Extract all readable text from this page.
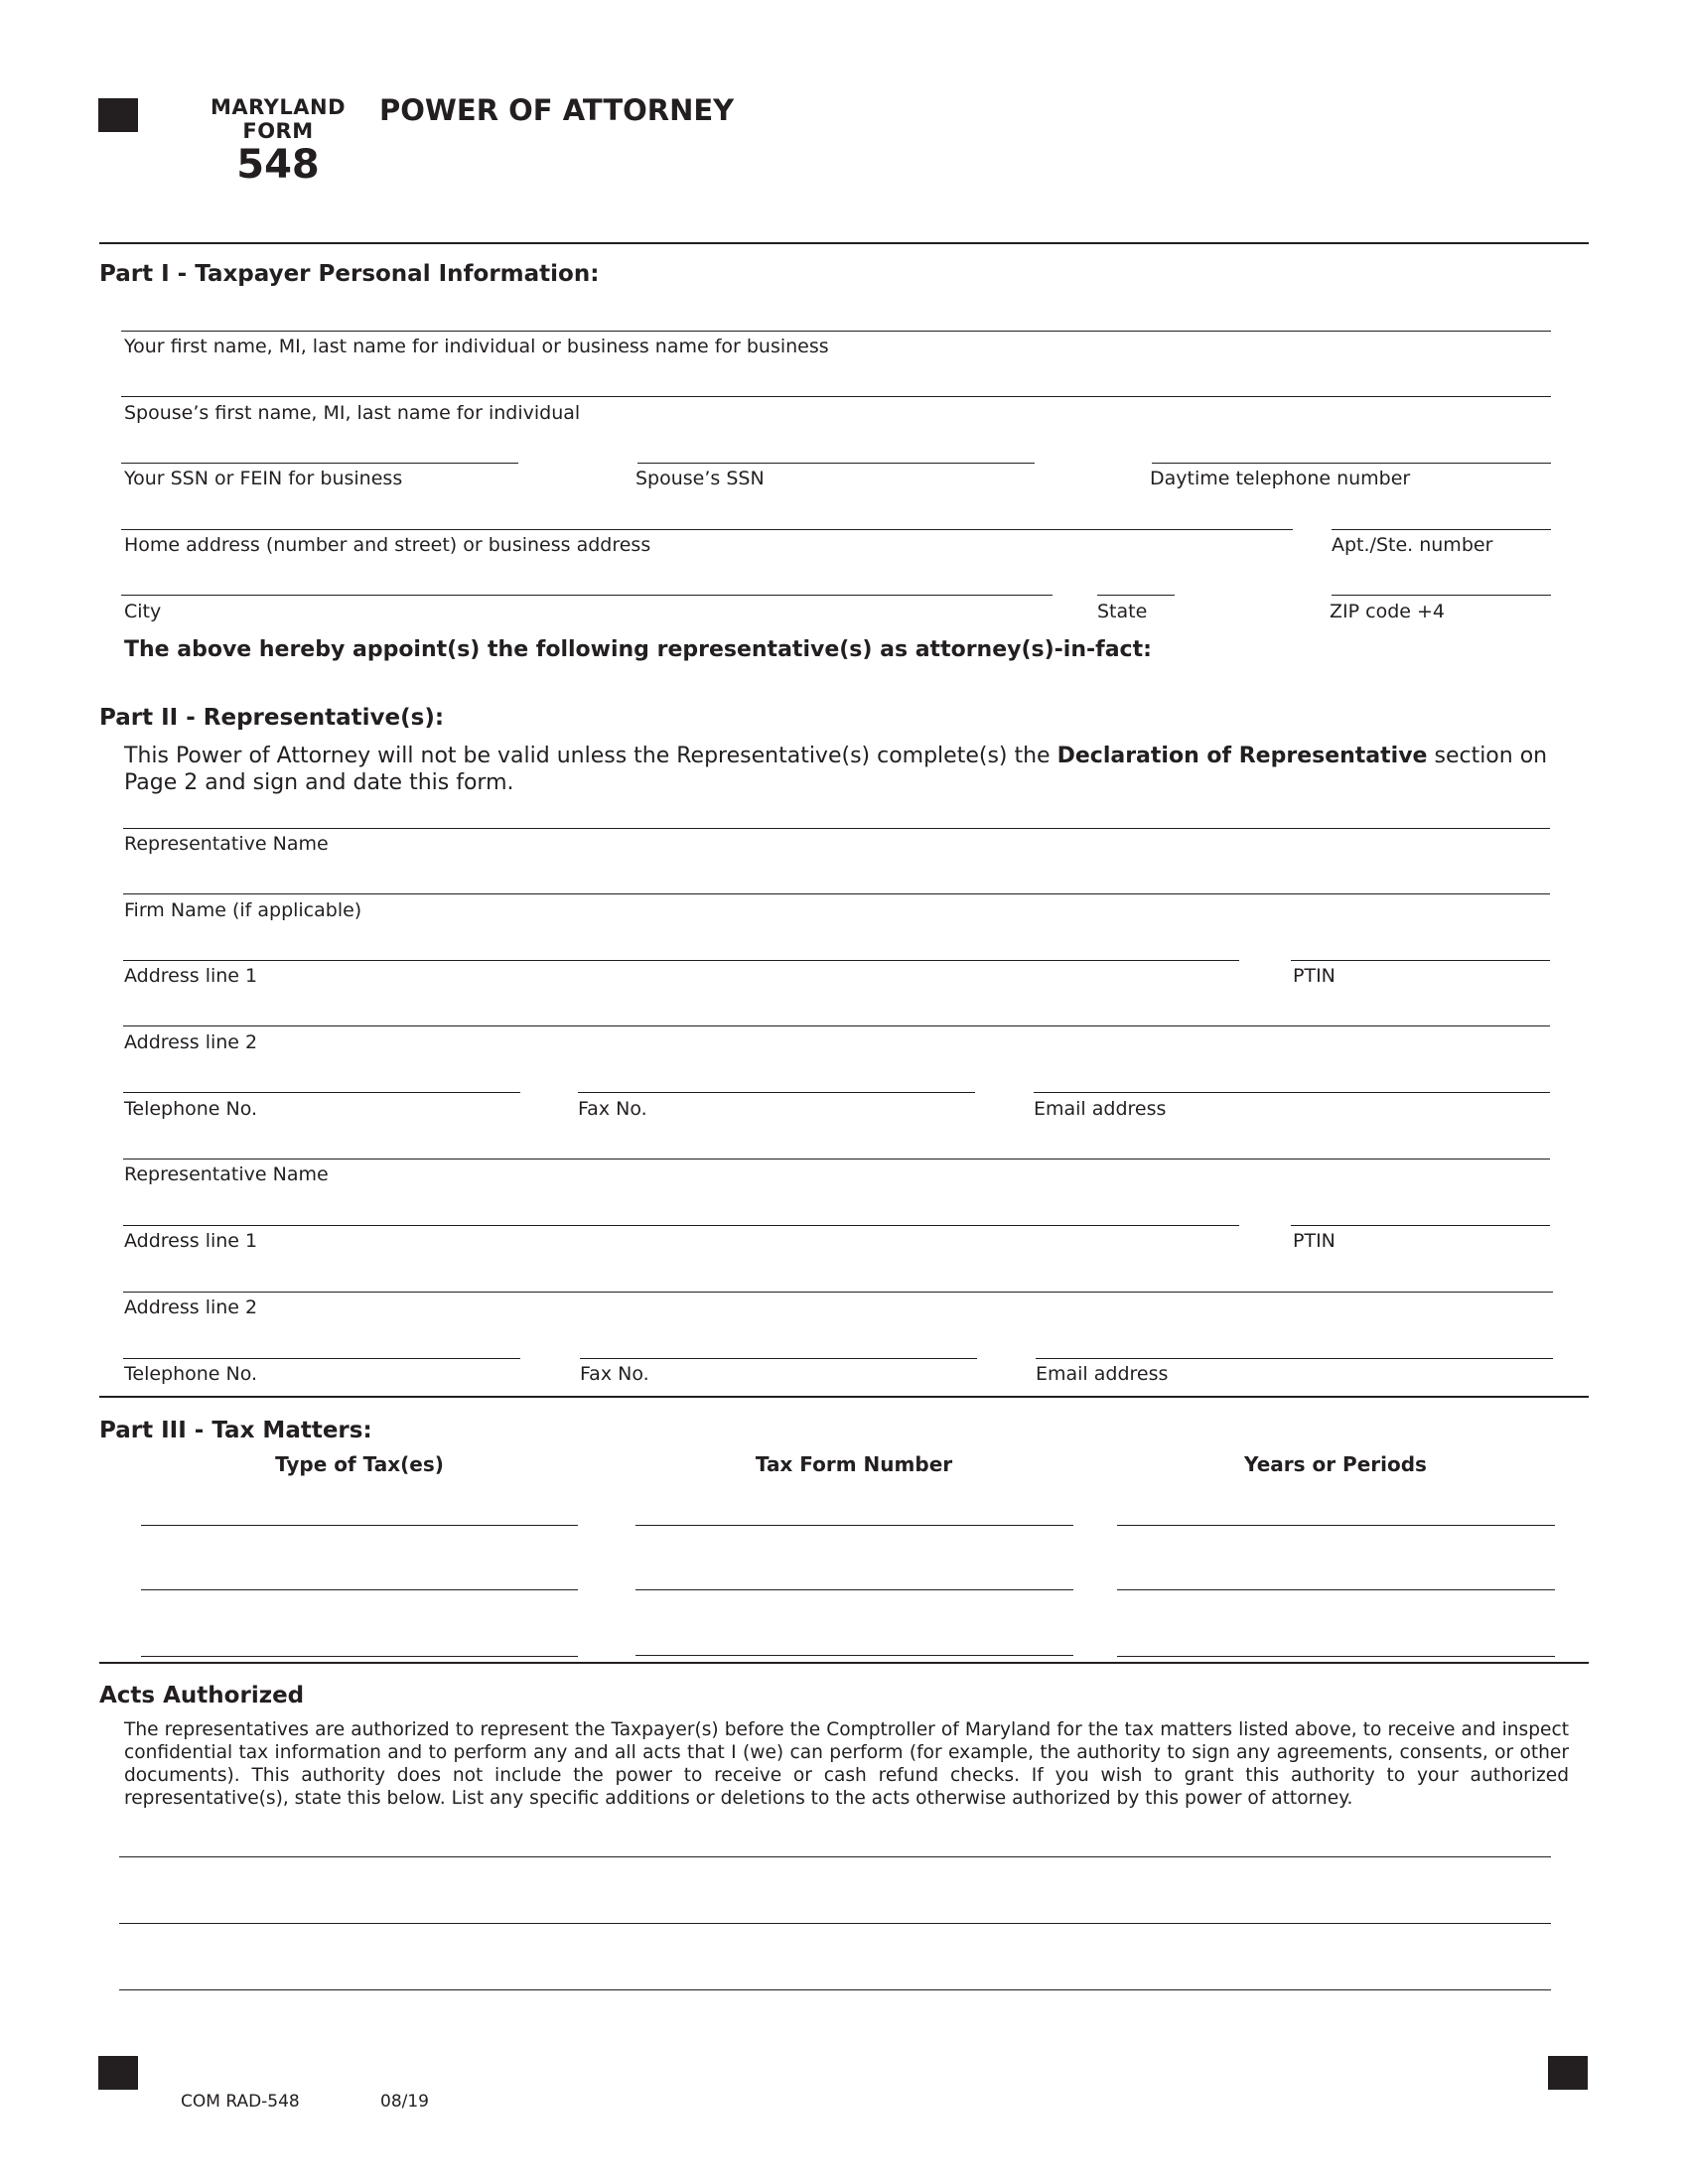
MARYLAND
FORM
548
POWER OF ATTORNEY
Part I - Taxpayer Personal Information:
Your first name, MI, last name for individual or business name for business
Spouse’s first name, MI, last name for individual
Your SSN or FEIN for business	Spouse’s SSN	Daytime telephone number
Home address (number and street) or business address	Apt./Ste. number
City	State	ZIP code +4
The above hereby appoint(s) the following representative(s) as attorney(s)-in-fact:
Part II - Representative(s):
This Power of Attorney will not be valid unless the Representative(s) complete(s) the Declaration of Representative section on Page 2 and sign and date this form.
Representative Name
Firm Name (if applicable)
Address line 1	PTIN
Address line 2
Telephone No.	Fax No.	Email address
Representative Name
Address line 1	PTIN
Address line 2
Telephone No.	Fax No.	Email address
Part III - Tax Matters:
Type of Tax(es)	Tax Form Number	Years or Periods
Acts Authorized
The representatives are authorized to represent the Taxpayer(s) before the Comptroller of Maryland for the tax matters listed above, to receive and inspect confidential tax information and to perform any and all acts that I (we) can perform (for example, the authority to sign any agreements, consents, or other documents). This authority does not include the power to receive or cash refund checks. If you wish to grant this authority to your authorized representative(s), state this below. List any specific additions or deletions to the acts otherwise authorized by this power of attorney.
COM RAD-548	08/19
